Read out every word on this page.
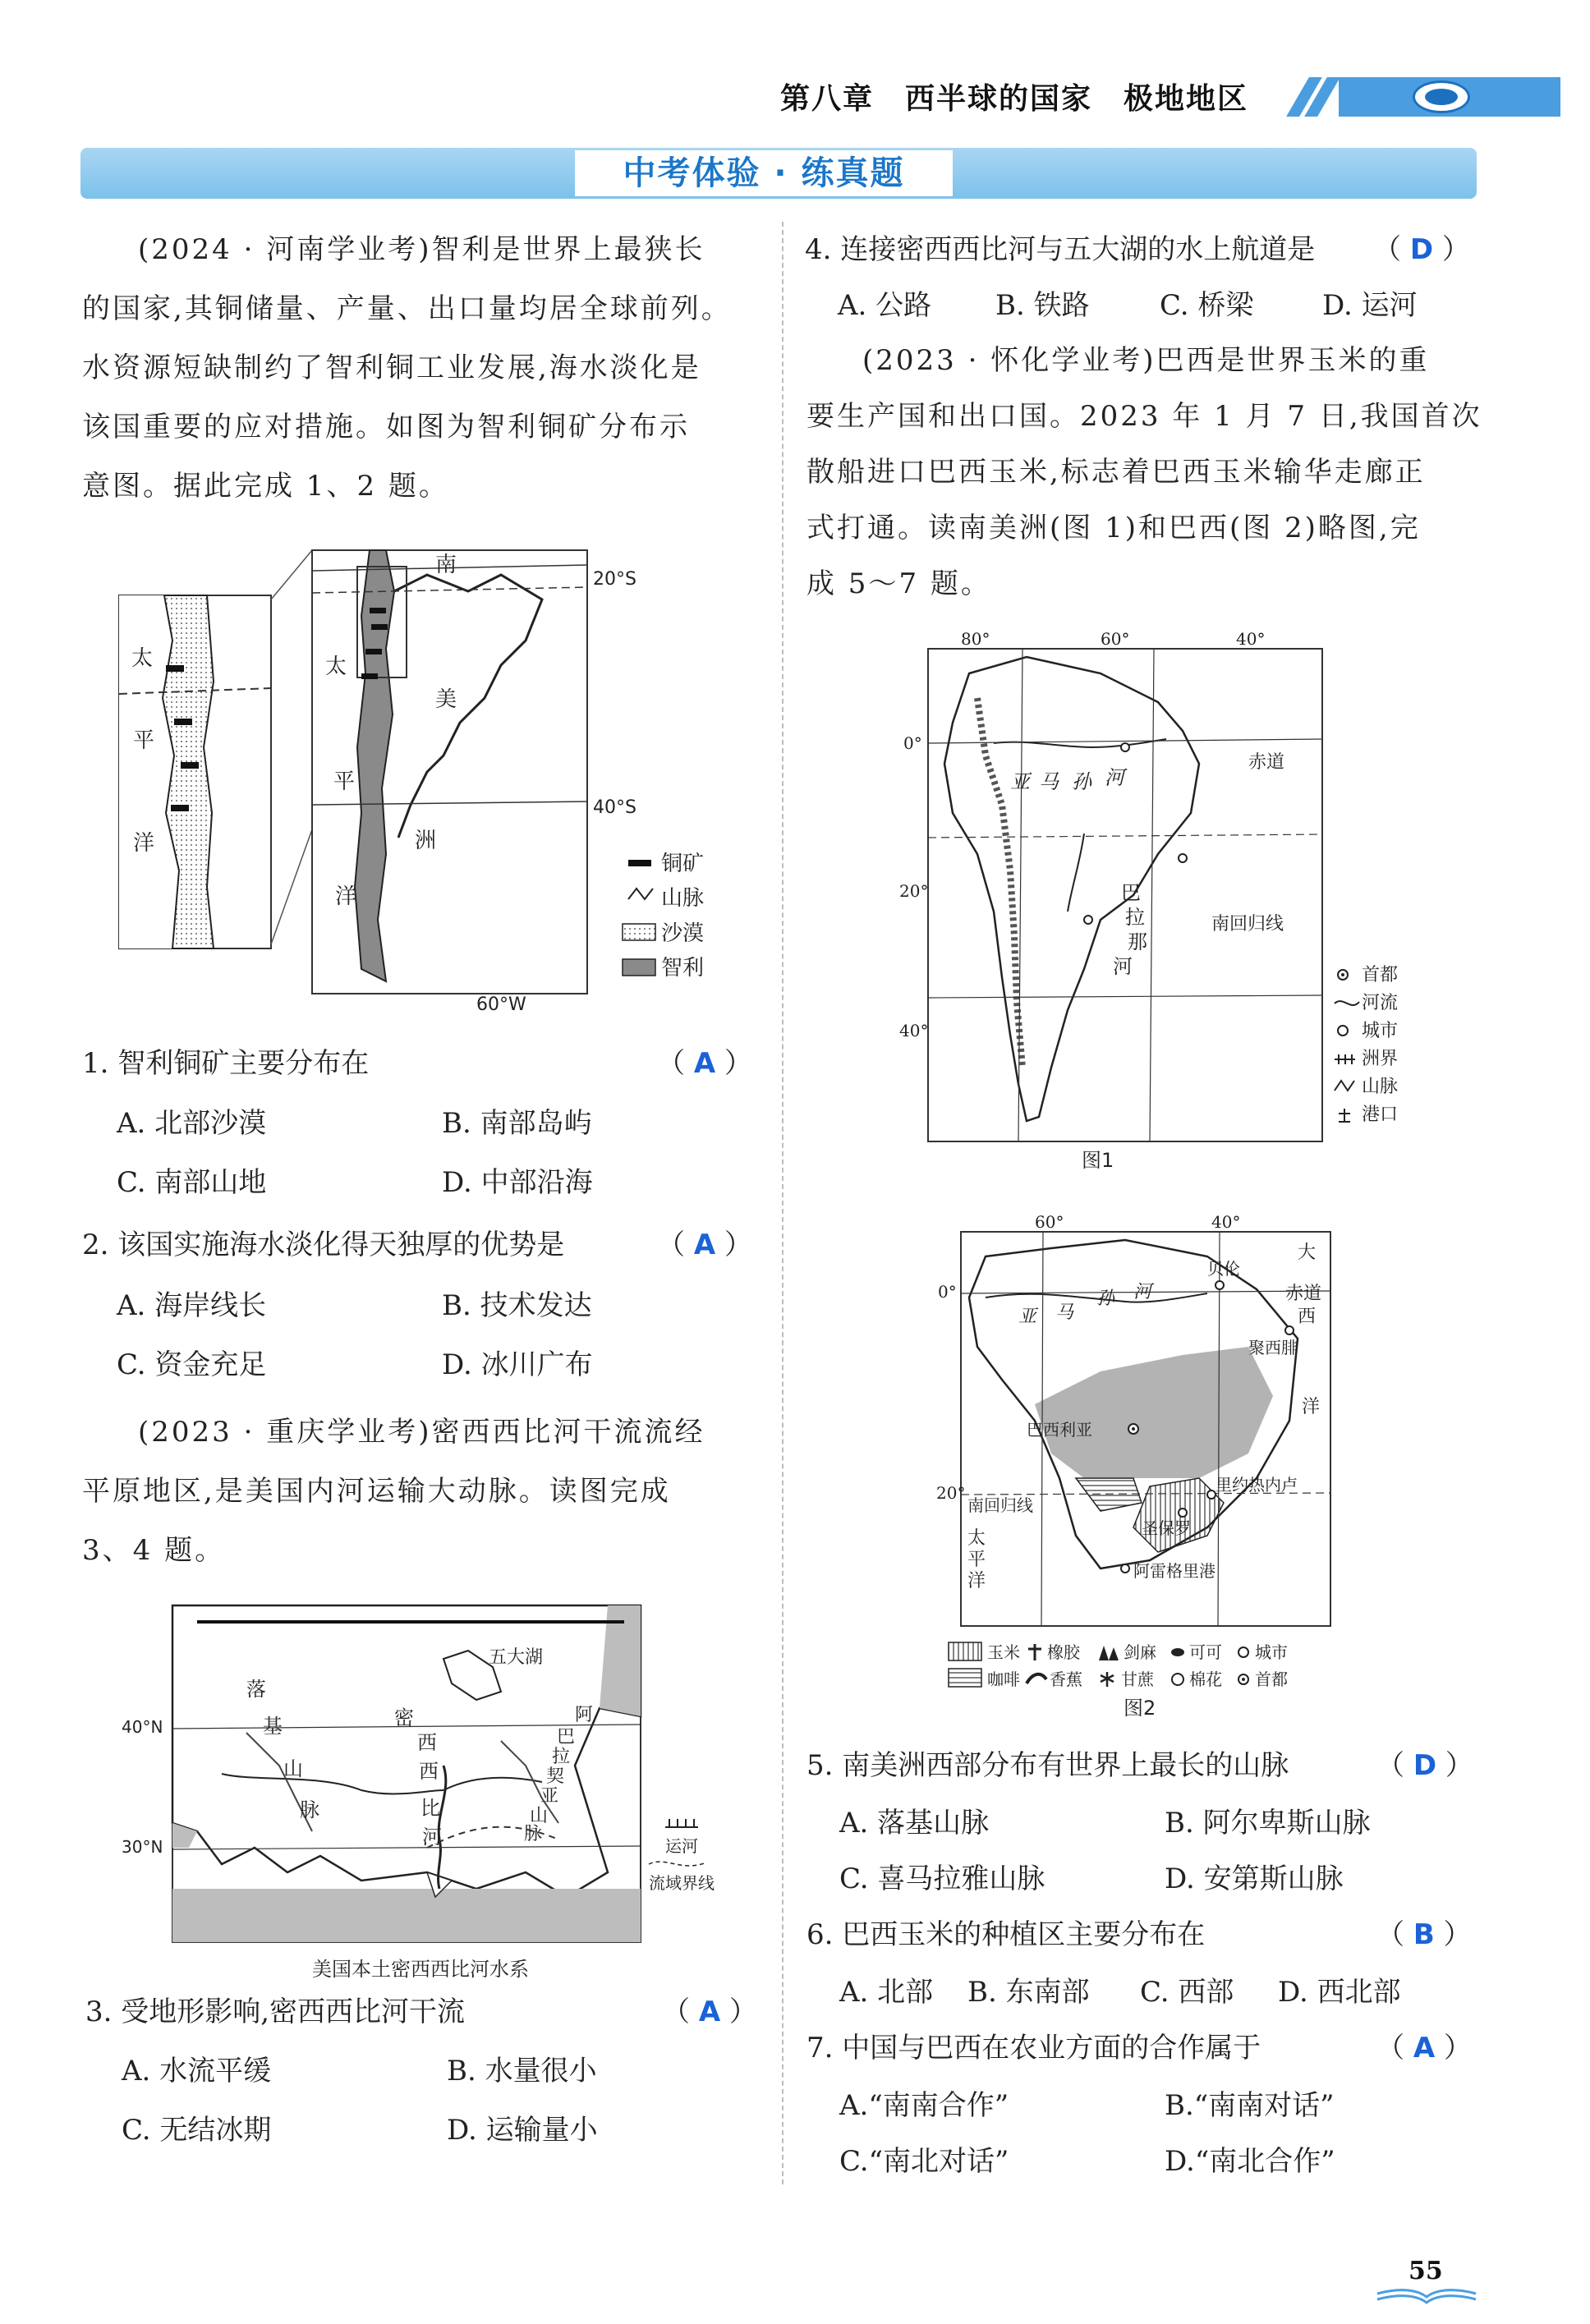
第八章　西半球的国家　极地地区
中考体验 · 练真题
(2024 · 河南学业考)智利是世界上最狭长
的国家,其铜储量、产量、出口量均居全球前列。
水资源短缺制约了智利铜工业发展,海水淡化是
该国重要的应对措施。如图为智利铜矿分布示
意图。据此完成 1、2 题。
太
平
洋
南
太
美
平
洲
洋
20°S
40°S
60°W
铜矿
山脉
沙漠
智利
1. 智利铜矿主要分布在	（ A ）
A. 北部沙漠	B. 南部岛屿
C. 南部山地	D. 中部沿海
2. 该国实施海水淡化得天独厚的优势是	（ A ）
A. 海岸线长	B. 技术发达
C. 资金充足	D. 冰川广布
(2023 · 重庆学业考)密西西比河干流流经
平原地区,是美国内河运输大动脉。读图完成
3、4 题。
五大湖
40°N
30°N
落
基
山
脉
密
西
西
比
河
阿
巴
拉
契
亚
山
脉
运河
流域界线
美国本土密西西比河水系
3. 受地形影响,密西西比河干流	（ A ）
A. 水流平缓	B. 水量很小
C. 无结冰期	D. 运输量小
4. 连接密西西比河与五大湖的水上航道是 （ D ）
A. 公路 B. 铁路	C. 桥梁 D. 运河
(2023 · 怀化学业考)巴西是世界玉米的重
要生产国和出口国。2023 年 1 月 7 日,我国首次
散船进口巴西玉米,标志着巴西玉米输华走廊正
式打通。读南美洲(图 1)和巴西(图 2)略图,完
成 5～7 题。
80°	60°	40°
0°
20°
40°
赤道
南回归线
亚 马 孙 河
巴
拉
那
河	首都
河流
城市
洲界
山脉
港口
图1
60°	40°
0°
20°
大
赤道
西
洋
南回归线
太
平
洋
亚 马
孙 河
贝伦
聚西腓
巴西利亚
里约热内卢
圣保罗
阿雷格里港
玉米 橡胶	剑麻 可可 城市
咖啡 香蕉 甘蔗 棉花 首都
图2
5. 南美洲西部分布有世界上最长的山脉	（ D ）
A. 落基山脉	B. 阿尔卑斯山脉
C. 喜马拉雅山脉	D. 安第斯山脉
6. 巴西玉米的种植区主要分布在	（ B ）
A. 北部 B. 东南部 C. 西部 D. 西北部
7. 中国与巴西在农业方面的合作属于	（ A ）
A.“南南合作”	B.“南南对话”
C.“南北对话”	D.“南北合作”
55
